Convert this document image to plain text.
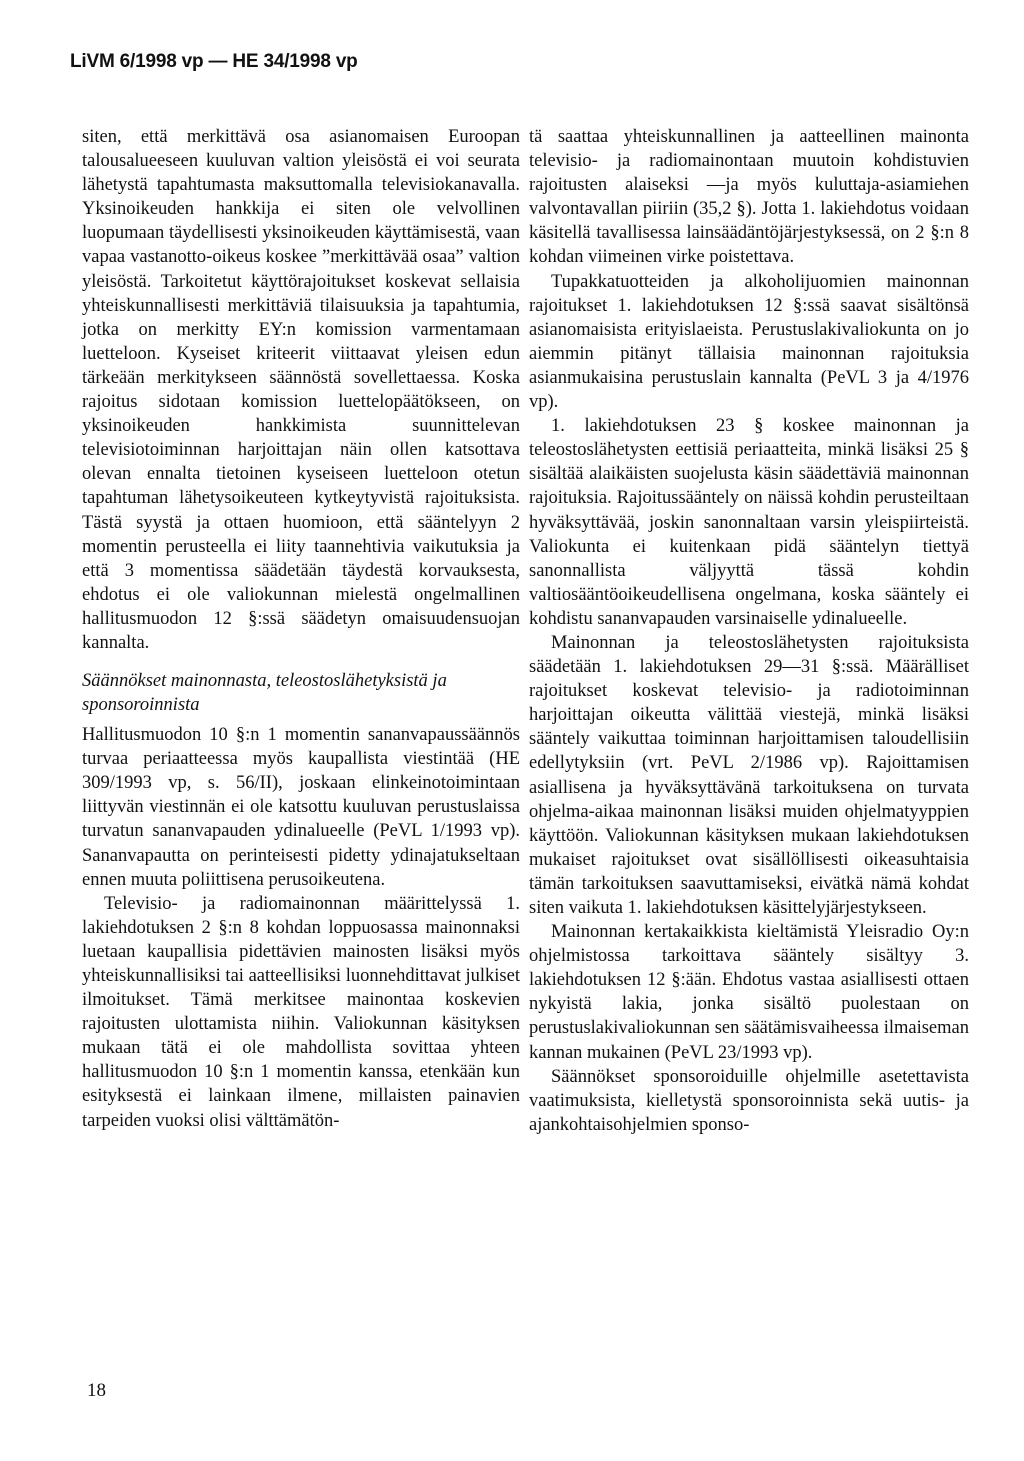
LiVM 6/1998 vp — HE 34/1998 vp

siten, että merkittävä osa asianomaisen Euroopan talousalueeseen kuuluvan valtion yleisöstä ei voi seurata lähetystä tapahtumasta maksuttomalla televisiokanavalla. Yksinoikeuden hankkija ei siten ole velvollinen luopumaan täydellisesti yksinoikeuden käyttämisestä, vaan vapaa vastanotto-oikeus koskee ”merkittävää osaa” valtion yleisöstä. Tarkoitetut käyttörajoitukset koskevat sellaisia yhteiskunnallisesti merkittäviä tilaisuuksia ja tapahtumia, jotka on merkitty EY:n komission varmentamaan luetteloon. Kyseiset kriteerit viittaavat yleisen edun tärkeään merkitykseen säännöstä sovellettaessa. Koska rajoitus sidotaan komission luettelopäätökseen, on yksinoikeuden hankkimista suunnittelevan televisiotoiminnan harjoittajan näin ollen katsottava olevan ennalta tietoinen kyseiseen luetteloon otetun tapahtuman lähetysoikeuteen kytkeytyvistä rajoituksista. Tästä syystä ja ottaen huomioon, että sääntelyyn 2 momentin perusteella ei liity taannehtivia vaikutuksia ja että 3 momentissa säädetään täydestä korvauksesta, ehdotus ei ole valiokunnan mielestä ongelmallinen hallitusmuodon 12 §:ssä säädetyn omaisuudensuojan kannalta.

Säännökset mainonnasta, teleostoslähetyksistä ja sponsoroinnista

Hallitusmuodon 10 §:n 1 momentin sananvapaussäännös turvaa periaatteessa myös kaupallista viestintää (HE 309/1993 vp, s. 56/II), joskaan elinkeinotoimintaan liittyvän viestinnän ei ole katsottu kuuluvan perustuslaissa turvatun sananvapauden ydinalueelle (PeVL 1/1993 vp). Sananvapautta on perinteisesti pidetty ydinajatukseltaan ennen muuta poliittisena perusoikeutena.

Televisio- ja radiomainonnan määrittelyssä 1. lakiehdotuksen 2 §:n 8 kohdan loppuosassa mainonnaksi luetaan kaupallisia pidettävien mainosten lisäksi myös yhteiskunnallisiksi tai aatteellisiksi luonnehdittavat julkiset ilmoitukset. Tämä merkitsee mainontaa koskevien rajoitusten ulottamista niihin. Valiokunnan käsityksen mukaan tätä ei ole mahdollista sovittaa yhteen hallitusmuodon 10 §:n 1 momentin kanssa, etenkään kun esityksestä ei lainkaan ilmene, millaisten painavien tarpeiden vuoksi olisi välttämätön-

tä saattaa yhteiskunnallinen ja aatteellinen mainonta televisio- ja radiomainontaan muutoin kohdistuvien rajoitusten alaiseksi —ja myös kuluttaja-asiamiehen valvontavallan piiriin (35,2 §). Jotta 1. lakiehdotus voidaan käsitellä tavallisessa lainsäädäntöjärjestyksessä, on 2 §:n 8 kohdan viimeinen virke poistettava.

Tupakkatuotteiden ja alkoholijuomien mainonnan rajoitukset 1. lakiehdotuksen 12 §:ssä saavat sisältönsä asianomaisista erityislaeista. Perustuslakivaliokunta on jo aiemmin pitänyt tällaisia mainonnan rajoituksia asianmukaisina perustuslain kannalta (PeVL 3 ja 4/1976 vp).

1. lakiehdotuksen 23 § koskee mainonnan ja teleostoslähetysten eettisiä periaatteita, minkä lisäksi 25 § sisältää alaikäisten suojelusta käsin säädettäviä mainonnan rajoituksia. Rajoitussääntely on näissä kohdin perusteiltaan hyväksyttävää, joskin sanonnaltaan varsin yleispiirteistä. Valiokunta ei kuitenkaan pidä sääntelyn tiettyä sanonnallista väljyyttä tässä kohdin valtiosääntöoikeudellisena ongelmana, koska sääntely ei kohdistu sananvapauden varsinaiselle ydinalueelle.

Mainonnan ja teleostoslähetysten rajoituksista säädetään 1. lakiehdotuksen 29—31 §:ssä. Määrälliset rajoitukset koskevat televisio- ja radiotoiminnan harjoittajan oikeutta välittää viestejä, minkä lisäksi sääntely vaikuttaa toiminnan harjoittamisen taloudellisiin edellytyksiin (vrt. PeVL 2/1986 vp). Rajoittamisen asiallisena ja hyväksyttävänä tarkoituksena on turvata ohjelma-aikaa mainonnan lisäksi muiden ohjelmatyyppien käyttöön. Valiokunnan käsityksen mukaan lakiehdotuksen mukaiset rajoitukset ovat sisällöllisesti oikeasuhtaisia tämän tarkoituksen saavuttamiseksi, eivätkä nämä kohdat siten vaikuta 1. lakiehdotuksen käsittelyjärjestykseen.

Mainonnan kertakaikkista kieltämistä Yleisradio Oy:n ohjelmistossa tarkoittava sääntely sisältyy 3. lakiehdotuksen 12 §:ään. Ehdotus vastaa asiallisesti ottaen nykyistä lakia, jonka sisältö puolestaan on perustuslakivaliokunnan sen säätämisvaiheessa ilmaiseman kannan mukainen (PeVL 23/1993 vp).

Säännökset sponsoroiduille ohjelmille asetettavista vaatimuksista, kielletystä sponsoroinnista sekä uutis- ja ajankohtaisohjelmien sponso-

18
